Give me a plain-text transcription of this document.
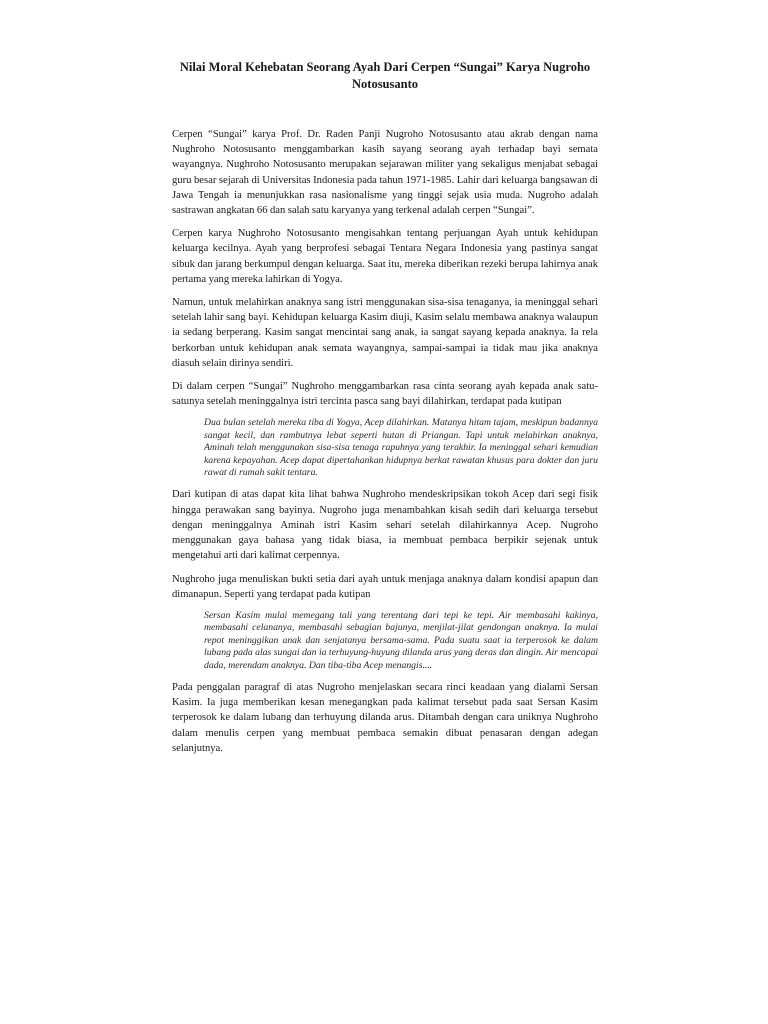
Nilai Moral Kehebatan Seorang Ayah Dari Cerpen “Sungai” Karya Nugroho Notosusanto

Cerpen “Sungai” karya Prof. Dr. Raden Panji Nugroho Notosusanto atau akrab dengan nama Nughroho Notosusanto menggambarkan kasih sayang seorang ayah terhadap bayi semata wayangnya. Nughroho Notosusanto merupakan sejarawan militer yang sekaligus menjabat sebagai guru besar sejarah di Universitas Indonesia pada tahun 1971-1985. Lahir dari keluarga bangsawan di Jawa Tengah ia menunjukkan rasa nasionalisme yang tinggi sejak usia muda. Nugroho adalah sastrawan angkatan 66 dan salah satu karyanya yang terkenal adalah cerpen “Sungai”.

Cerpen karya Nughroho Notosusanto mengisahkan tentang perjuangan Ayah untuk kehidupan keluarga kecilnya. Ayah yang berprofesi sebagai Tentara Negara Indonesia yang pastinya sangat sibuk dan jarang berkumpul dengan keluarga. Saat itu, mereka diberikan rezeki berupa lahirnya anak pertama yang mereka lahirkan di Yogya.

Namun, untuk melahirkan anaknya sang istri menggunakan sisa-sisa tenaganya, ia meninggal sehari setelah lahir sang bayi. Kehidupan keluarga Kasim diuji, Kasim selalu membawa anaknya walaupun ia sedang berperang. Kasim sangat mencintai sang anak, ia sangat sayang kepada anaknya. Ia rela berkorban untuk kehidupan anak semata wayangnya, sampai-sampai ia tidak mau jika anaknya diasuh selain dirinya sendiri.

Di dalam cerpen “Sungai” Nughroho menggambarkan rasa cinta seorang ayah kepada anak satu-satunya setelah meninggalnya istri tercinta pasca sang bayi dilahirkan, terdapat pada kutipan

Dua bulan setelah mereka tiba di Yogya, Acep dilahirkan. Matanya hitam tajam, meskipun badannya sangat kecil, dan rambutnya lebat seperti hutan di Priangan. Tapi untuk melahirkan anaknya, Aminah telah menggunakan sisa-sisa tenaga rapuhnya yang terakhir. Ia meninggal sehari kemudian karena kepayahan. Acep dapat dipertahankan hidupnya berkat rawatan khusus para dokter dan juru rawat di rumah sakit tentara.

Dari kutipan di atas dapat kita lihat bahwa Nughroho mendeskripsikan tokoh Acep dari segi fisik hingga perawakan sang bayinya. Nugroho juga menambahkan kisah sedih dari keluarga tersebut dengan meninggalnya Aminah istri Kasim sehari setelah dilahirkannya Acep. Nugroho menggunakan gaya bahasa yang tidak biasa, ia membuat pembaca berpikir sejenak untuk mengetahui arti dari kalimat cerpennya.

Nughroho juga menuliskan bukti setia dari ayah untuk menjaga anaknya dalam kondisi apapun dan dimanapun. Seperti yang terdapat pada kutipan

Sersan Kasim mulai memegang tali yang terentang dari tepi ke tepi. Air membasahi kakinya, membasahi celananya, membasahi sebagian bajunya, menjilat-jilat gendongan anaknya. Ia mulai repot meninggikan anak dan senjatanya bersama-sama. Pada suatu saat ia terperosok ke dalam lubang pada alas sungai dan ia terhuyung-huyung dilanda arus yang deras dan dingin. Air mencapai dada, merendam anaknya. Dan tiba-tiba Acep menangis....

Pada penggalan paragraf di atas Nugroho menjelaskan secara rinci keadaan yang dialami Sersan Kasim. Ia juga memberikan kesan menegangkan pada kalimat tersebut pada saat Sersan Kasim terperosok ke dalam lubang dan terhuyung dilanda arus. Ditambah dengan cara uniknya Nughroho dalam menulis cerpen yang membuat pembaca semakin dibuat penasaran dengan adegan selanjutnya.
